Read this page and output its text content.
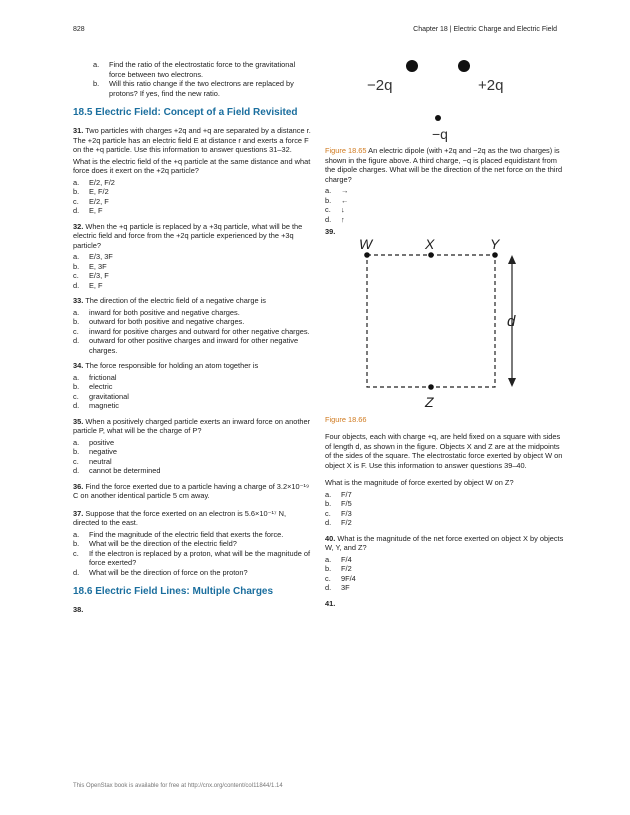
828	Chapter 18 | Electric Charge and Electric Field
a.	Find the ratio of the electrostatic force to the gravitational force between two electrons.
b.	Will this ratio change if the two electrons are replaced by protons? If yes, find the new ratio.
18.5 Electric Field: Concept of a Field Revisited
31. Two particles with charges +2q and +q are separated by a distance r. The +2q particle has an electric field E at distance r and exerts a force F on the +q particle. Use this information to answer questions 31–32.
What is the electric field of the +q particle at the same distance and what force does it exert on the +2q particle?
a.	E/2, F/2
b.	E, F/2
c.	E/2, F
d.	E, F
32. When the +q particle is replaced by a +3q particle, what will be the electric field and force from the +2q particle experienced by the +3q particle?
a.	E/3, 3F
b.	E, 3F
c.	E/3, F
d.	E, F
33. The direction of the electric field of a negative charge is
a.	inward for both positive and negative charges.
b.	outward for both positive and negative charges.
c.	inward for positive charges and outward for other negative charges.
d.	outward for other positive charges and inward for other negative charges.
34. The force responsible for holding an atom together is
a.	frictional
b.	electric
c.	gravitational
d.	magnetic
35. When a positively charged particle exerts an inward force on another particle P, what will be the charge of P?
a.	positive
b.	negative
c.	neutral
d.	cannot be determined
36. Find the force exerted due to a particle having a charge of 3.2×10⁻¹⁹ C on another identical particle 5 cm away.
37. Suppose that the force exerted on an electron is 5.6×10⁻¹⁷ N, directed to the east.
a.	Find the magnitude of the electric field that exerts the force.
b.	What will be the direction of the electric field?
c.	If the electron is replaced by a proton, what will be the magnitude of force exerted?
d.	What will be the direction of force on the proton?
18.6 Electric Field Lines: Multiple Charges
38.
−2q	+2q
−q
Figure 18.65 An electric dipole (with +2q and −2q as the two charges) is shown in the figure above. A third charge, −q is placed equidistant from the dipole charges. What will be the direction of the net force on the third charge?
a.	→
b.	←
c.	↓
d.	↑
39.
W	X	Y
Z
d
Figure 18.66
Four objects, each with charge +q, are held fixed on a square with sides of length d, as shown in the figure. Objects X and Z are at the midpoints of the sides of the square. The electrostatic force exerted by object W on object X is F. Use this information to answer questions 39–40.
What is the magnitude of force exerted by object W on Z?
a.	F/7
b.	F/5
c.	F/3
d.	F/2
40. What is the magnitude of the net force exerted on object X by objects W, Y, and Z?
a.	F/4
b.	F/2
c.	9F/4
d.	3F
41.
This OpenStax book is available for free at http://cnx.org/content/col11844/1.14
